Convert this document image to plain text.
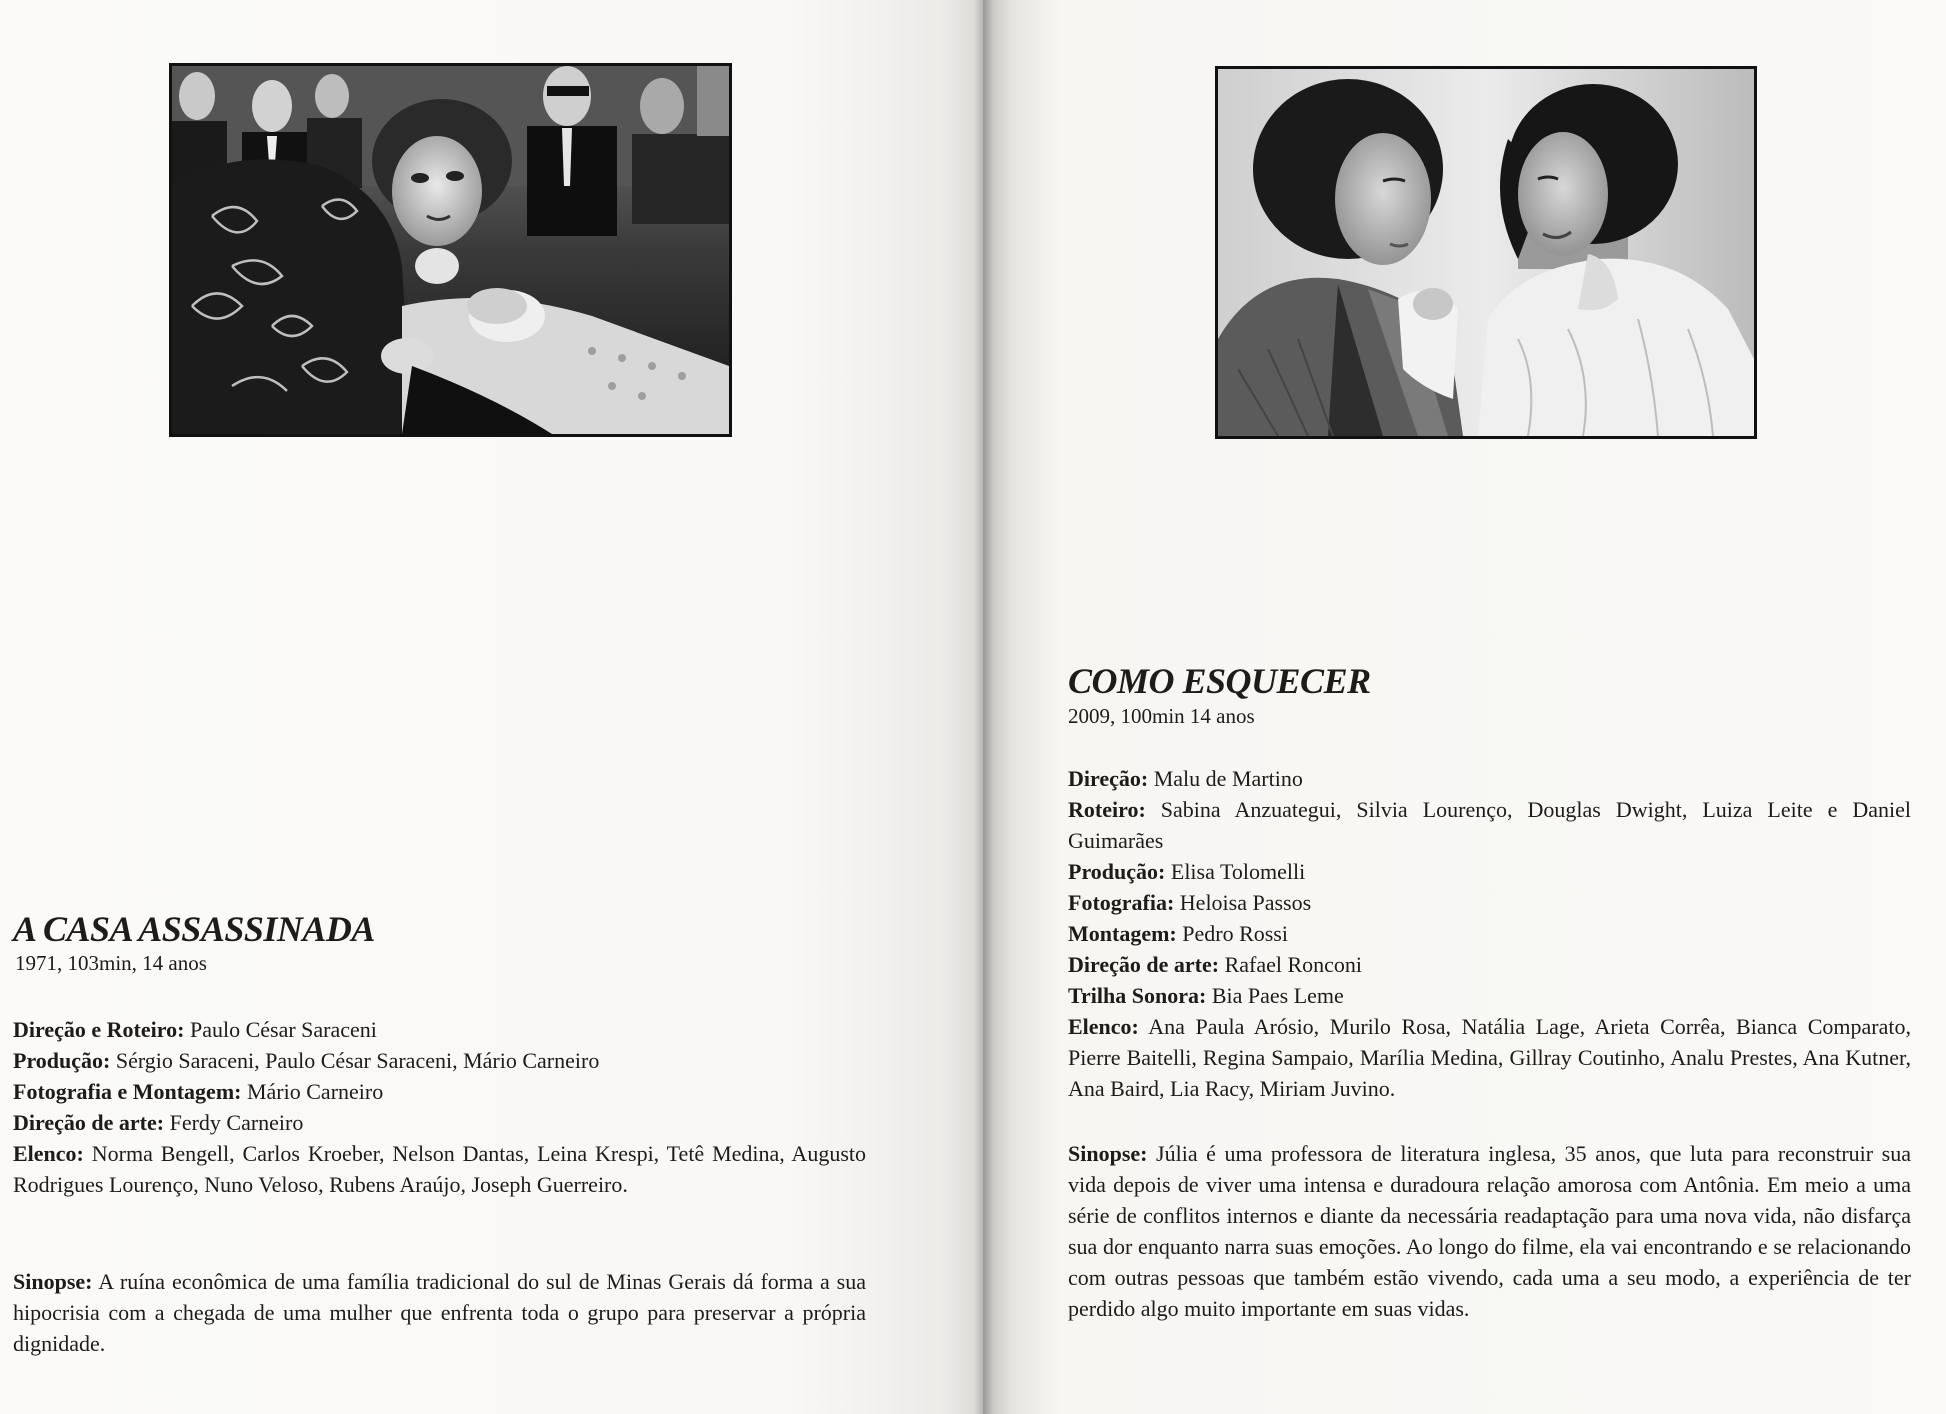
A CASA ASSASSINADA
1971, 103min, 14 anos

Direção e Roteiro: Paulo César Saraceni

Produção: Sérgio Saraceni, Paulo César Saraceni, Mário Carneiro

Fotografia e Montagem: Mário Carneiro

Direção de arte: Ferdy Carneiro

Elenco: Norma Bengell, Carlos Kroeber, Nelson Dantas, Leina Krespi, Tetê Medina, Augusto Rodrigues Lourenço, Nuno Veloso, Rubens Araújo, Joseph Guerreiro.

Sinopse: A ruína econômica de uma família tradicional do sul de Minas Gerais dá forma a sua hipocrisia com a chegada de uma mulher que enfrenta toda o grupo para preservar a própria dignidade.

COMO ESQUECER
2009, 100min 14 anos

Direção: Malu de Martino

Roteiro: Sabina Anzuategui, Silvia Lourenço, Douglas Dwight, Luiza Leite e Daniel Guimarães

Produção: Elisa Tolomelli

Fotografia: Heloisa Passos

Montagem: Pedro Rossi

Direção de arte: Rafael Ronconi

Trilha Sonora: Bia Paes Leme

Elenco: Ana Paula Arósio, Murilo Rosa, Natália Lage, Arieta Corrêa, Bianca Comparato, Pierre Baitelli, Regina Sampaio, Marília Medina, Gillray Coutinho, Analu Prestes, Ana Kutner, Ana Baird, Lia Racy, Miriam Juvino.

Sinopse: Júlia é uma professora de literatura inglesa, 35 anos, que luta para reconstruir sua vida depois de viver uma intensa e duradoura relação amorosa com Antônia. Em meio a uma série de conflitos internos e diante da necessária readaptação para uma nova vida, não disfarça sua dor enquanto narra suas emoções. Ao longo do filme, ela vai encontrando e se relacionando com outras pessoas que também estão vivendo, cada uma a seu modo, a experiência de ter perdido algo muito importante em suas vidas.
